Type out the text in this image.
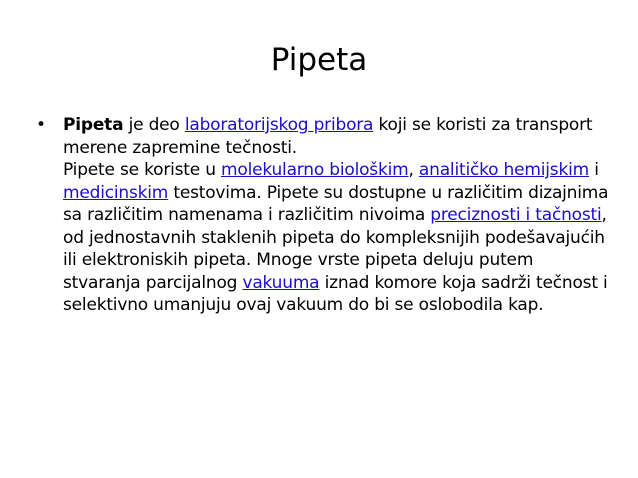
Pipeta
• Pipeta je deo laboratorijskog pribora koji se koristi za transport merene zapremine tečnosti.
Pipete se koriste u molekularno biološkim, analitičko hemijskim i medicinskim testovima. Pipete su dostupne u različitim dizajnima sa različitim namenama i različitim nivoima preciznosti i tačnosti, od jednostavnih staklenih pipeta do kompleksnijih podešavajućih ili elektroniskih pipeta. Mnoge vrste pipeta deluju putem stvaranja parcijalnog vakuuma iznad komore koja sadrži tečnost i selektivno umanjuju ovaj vakuum do bi se oslobodila kap.
